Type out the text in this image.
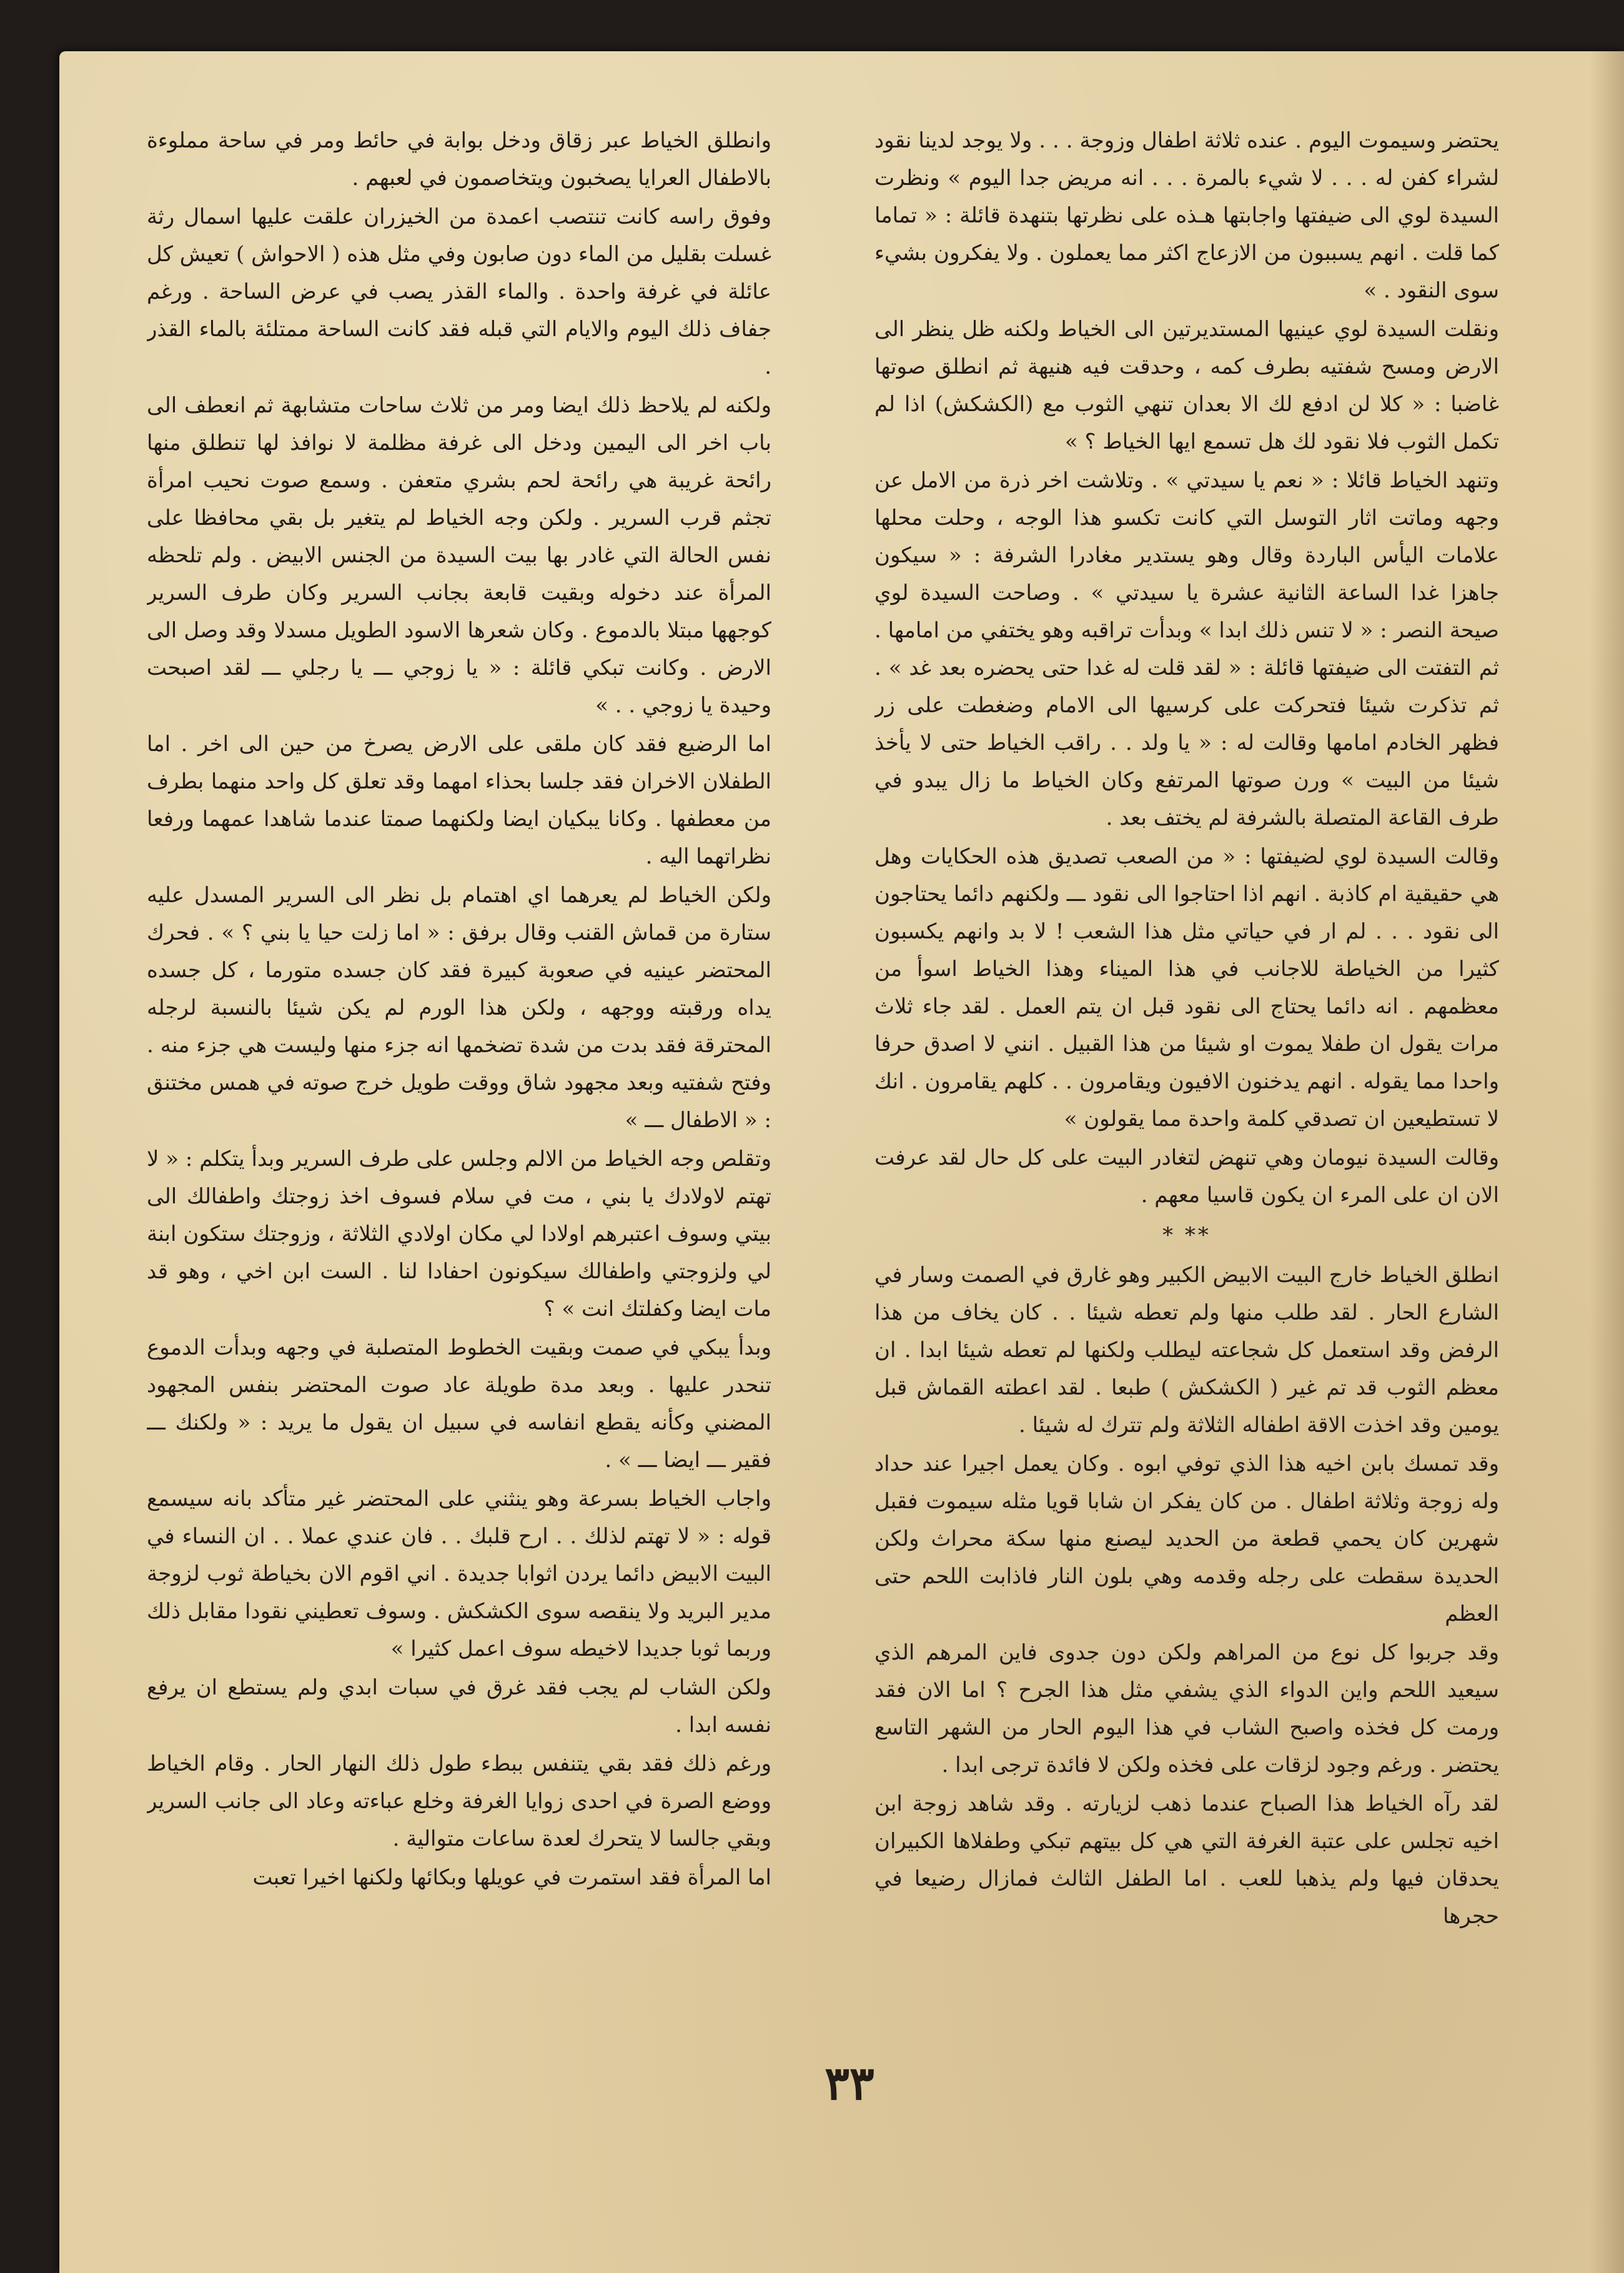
يحتضر وسيموت اليوم . عنده ثلاثة اطفال وزوجة . . . ولا يوجد لدينا نقود لشراء كفن له . . . لا شيء بالمرة . . . انه مريض جدا اليوم » ونظرت السيدة لوي الى ضيفتها واجابتها هـذه على نظرتها بتنهدة قائلة : « تماما كما قلت . انهم يسببون من الازعاج اكثر مما يعملون . ولا يفكرون بشيء سوى النقود . »

ونقلت السيدة لوي عينيها المستديرتين الى الخياط ولكنه ظل ينظر الى الارض ومسح شفتيه بطرف كمه ، وحدقت فيه هنيهة ثم انطلق صوتها غاضبا : « كلا لن ادفع لك الا بعدان تنهي الثوب مع (الكشكش) اذا لم تكمل الثوب فلا نقود لك هل تسمع ايها الخياط ؟ »

وتنهد الخياط قائلا : « نعم يا سيدتي » . وتلاشت اخر ذرة من الامل عن وجهه وماتت اثار التوسل التي كانت تكسو هذا الوجه ، وحلت محلها علامات اليأس الباردة وقال وهو يستدير مغادرا الشرفة : « سيكون جاهزا غدا الساعة الثانية عشرة يا سيدتي » . وصاحت السيدة لوي صيحة النصر : « لا تنس ذلك ابدا » وبدأت تراقبه وهو يختفي من امامها . ثم التفتت الى ضيفتها قائلة : « لقد قلت له غدا حتى يحضره بعد غد » . ثم تذكرت شيئا فتحركت على كرسيها الى الامام وضغطت على زر فظهر الخادم امامها وقالت له : « يا ولد . . راقب الخياط حتى لا يأخذ شيئا من البيت » ورن صوتها المرتفع وكان الخياط ما زال يبدو في طرف القاعة المتصلة بالشرفة لم يختف بعد .

وقالت السيدة لوي لضيفتها : « من الصعب تصديق هذه الحكايات وهل هي حقيقية ام كاذبة . انهم اذا احتاجوا الى نقود ـــ ولكنهم دائما يحتاجون الى نقود . . . لم ار في حياتي مثل هذا الشعب ! لا بد وانهم يكسبون كثيرا من الخياطة للاجانب في هذا الميناء وهذا الخياط اسوأ من معظمهم . انه دائما يحتاج الى نقود قبل ان يتم العمل . لقد جاء ثلاث مرات يقول ان طفلا يموت او شيئا من هذا القبيل . انني لا اصدق حرفا واحدا مما يقوله . انهم يدخنون الافيون ويقامرون . . كلهم يقامرون . انك لا تستطيعين ان تصدقي كلمة واحدة مما يقولون »

وقالت السيدة نيومان وهي تنهض لتغادر البيت على كل حال لقد عرفت الان ان على المرء ان يكون قاسيا معهم .

** *

انطلق الخياط خارج البيت الابيض الكبير وهو غارق في الصمت وسار في الشارع الحار . لقد طلب منها ولم تعطه شيئا . . كان يخاف من هذا الرفض وقد استعمل كل شجاعته ليطلب ولكنها لم تعطه شيئا ابدا . ان معظم الثوب قد تم غير ( الكشكش ) طبعا . لقد اعطته القماش قبل يومين وقد اخذت الاقة اطفاله الثلاثة ولم تترك له شيئا .

وقد تمسك بابن اخيه هذا الذي توفي ابوه . وكان يعمل اجيرا عند حداد وله زوجة وثلاثة اطفال . من كان يفكر ان شابا قويا مثله سيموت فقبل شهرين كان يحمي قطعة من الحديد ليصنع منها سكة محراث ولكن الحديدة سقطت على رجله وقدمه وهي بلون النار فاذابت اللحم حتى العظم

وقد جربوا كل نوع من المراهم ولكن دون جدوى فاين المرهم الذي سيعيد اللحم واين الدواء الذي يشفي مثل هذا الجرح ؟ اما الان فقد ورمت كل فخذه واصبح الشاب في هذا اليوم الحار من الشهر التاسع يحتضر . ورغم وجود لزقات على فخذه ولكن لا فائدة ترجى ابدا .

لقد رآه الخياط هذا الصباح عندما ذهب لزيارته . وقد شاهد زوجة ابن اخيه تجلس على عتبة الغرفة التي هي كل بيتهم تبكي وطفلاها الكبيران يحدقان فيها ولم يذهبا للعب . اما الطفل الثالث فمازال رضيعا في حجرها

وانطلق الخياط عبر زقاق ودخل بوابة في حائط ومر في ساحة مملوءة بالاطفال العرايا يصخبون ويتخاصمون في لعبهم .

وفوق راسه كانت تنتصب اعمدة من الخيزران علقت عليها اسمال رثة غسلت بقليل من الماء دون صابون وفي مثل هذه ( الاحواش ) تعيش كل عائلة في غرفة واحدة . والماء القذر يصب في عرض الساحة . ورغم جفاف ذلك اليوم والايام التي قبله فقد كانت الساحة ممتلئة بالماء القذر .

ولكنه لم يلاحظ ذلك ايضا ومر من ثلاث ساحات متشابهة ثم انعطف الى باب اخر الى اليمين ودخل الى غرفة مظلمة لا نوافذ لها تنطلق منها رائحة غريبة هي رائحة لحم بشري متعفن . وسمع صوت نحيب امرأة تجثم قرب السرير . ولكن وجه الخياط لم يتغير بل بقي محافظا على نفس الحالة التي غادر بها بيت السيدة من الجنس الابيض . ولم تلحظه المرأة عند دخوله وبقيت قابعة بجانب السرير وكان طرف السرير كوجهها مبتلا بالدموع . وكان شعرها الاسود الطويل مسدلا وقد وصل الى الارض . وكانت تبكي قائلة : « يا زوجي ـــ يا رجلي ـــ لقد اصبحت وحيدة يا زوجي . . »

اما الرضيع فقد كان ملقى على الارض يصرخ من حين الى اخر . اما الطفلان الاخران فقد جلسا بحذاء امهما وقد تعلق كل واحد منهما بطرف من معطفها . وكانا يبكيان ايضا ولكنهما صمتا عندما شاهدا عمهما ورفعا نظراتهما اليه .

ولكن الخياط لم يعرهما اي اهتمام بل نظر الى السرير المسدل عليه ستارة من قماش القنب وقال برفق : « اما زلت حيا يا بني ؟ » . فحرك المحتضر عينيه في صعوبة كبيرة فقد كان جسده متورما ، كل جسده يداه ورقبته ووجهه ، ولكن هذا الورم لم يكن شيئا بالنسبة لرجله المحترقة فقد بدت من شدة تضخمها انه جزء منها وليست هي جزء منه . وفتح شفتيه وبعد مجهود شاق ووقت طويل خرج صوته في همس مختنق : « الاطفال ـــ »

وتقلص وجه الخياط من الالم وجلس على طرف السرير وبدأ يتكلم : « لا تهتم لاولادك يا بني ، مت في سلام فسوف اخذ زوجتك واطفالك الى بيتي وسوف اعتبرهم اولادا لي مكان اولادي الثلاثة ، وزوجتك ستكون ابنة لي ولزوجتي واطفالك سيكونون احفادا لنا . الست ابن اخي ، وهو قد مات ايضا وكفلتك انت » ؟

وبدأ يبكي في صمت وبقيت الخطوط المتصلبة في وجهه وبدأت الدموع تنحدر عليها . وبعد مدة طويلة عاد صوت المحتضر بنفس المجهود المضني وكأنه يقطع انفاسه في سبيل ان يقول ما يريد : « ولكنك ـــ فقير ـــ ايضا ـــ » .

واجاب الخياط بسرعة وهو ينثني على المحتضر غير متأكد بانه سيسمع قوله : « لا تهتم لذلك . . ارح قلبك . . فان عندي عملا . . ان النساء في البيت الابيض دائما يردن اثوابا جديدة . اني اقوم الان بخياطة ثوب لزوجة مدير البريد ولا ينقصه سوى الكشكش . وسوف تعطيني نقودا مقابل ذلك وربما ثوبا جديدا لاخيطه سوف اعمل كثيرا »

ولكن الشاب لم يجب فقد غرق في سبات ابدي ولم يستطع ان يرفع نفسه ابدا .

ورغم ذلك فقد بقي يتنفس ببطء طول ذلك النهار الحار . وقام الخياط ووضع الصرة في احدى زوايا الغرفة وخلع عباءته وعاد الى جانب السرير وبقي جالسا لا يتحرك لعدة ساعات متوالية .

اما المرأة فقد استمرت في عويلها وبكائها ولكنها اخيرا تعبت

٣٣
